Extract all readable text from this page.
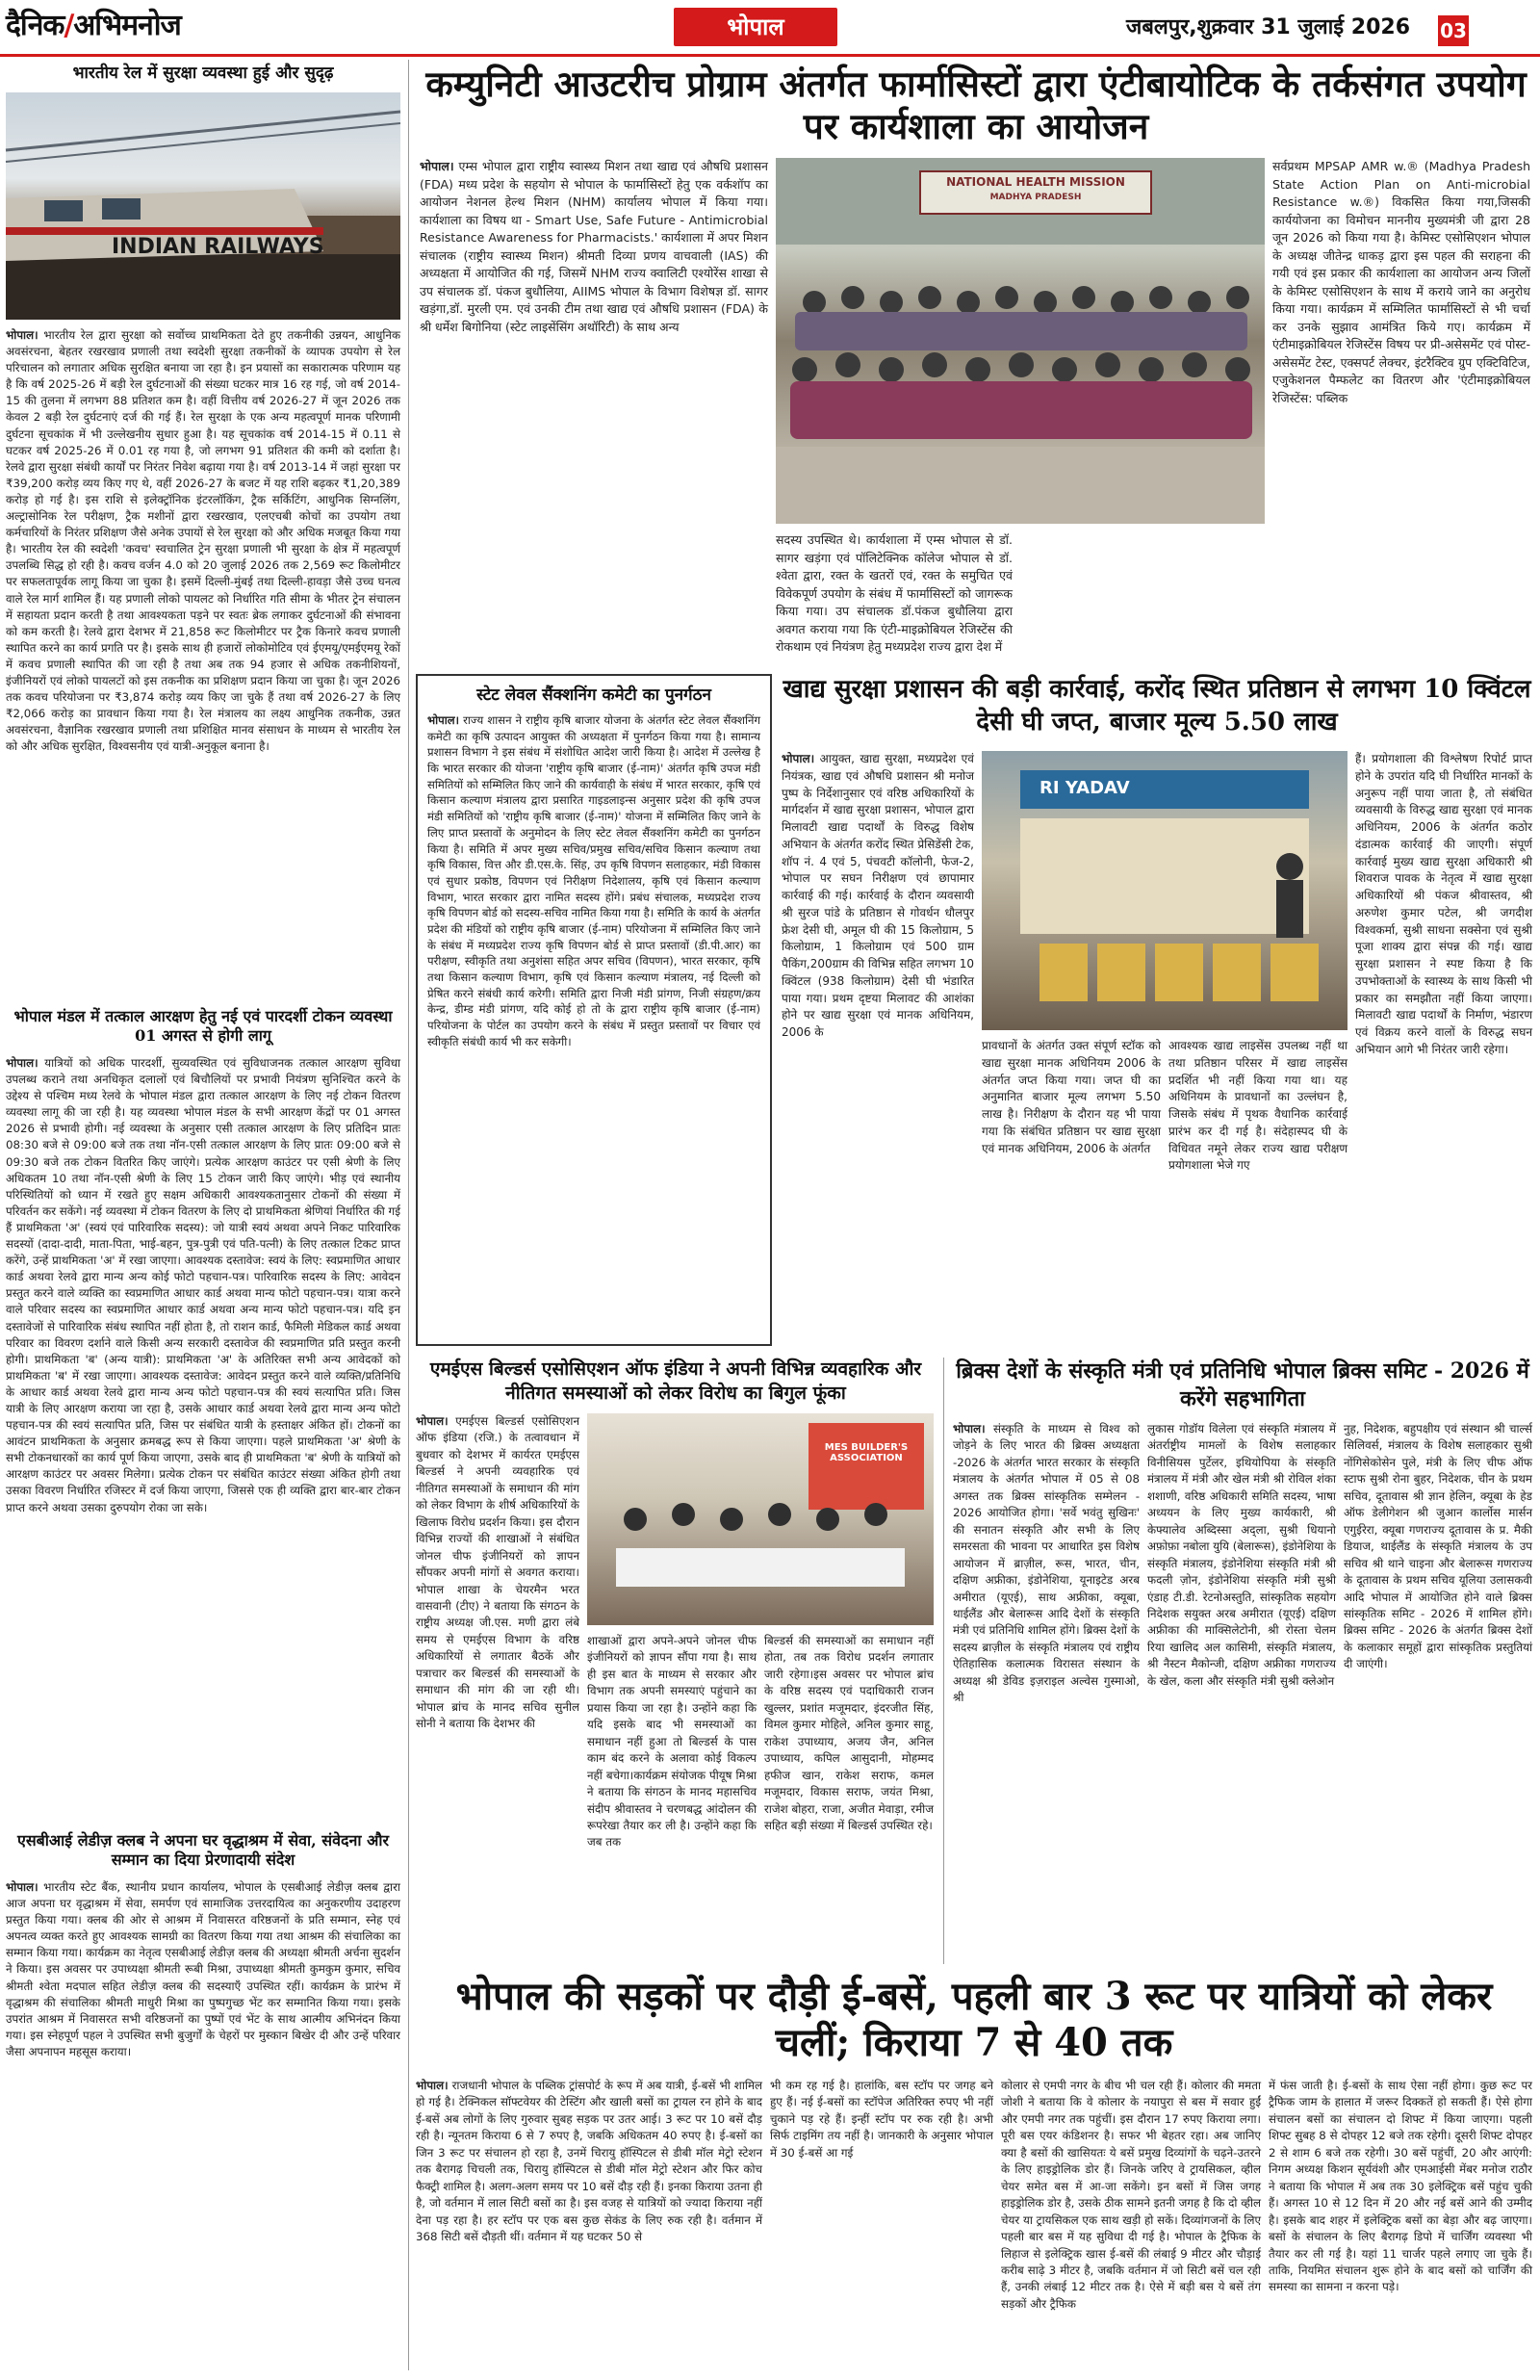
दैनिक/अभिमनोज	भोपाल	जबलपुर,शुक्रवार 31 जुलाई 2026 03
भारतीय रेल में सुरक्षा व्यवस्था हुई और सुदृढ़
INDIAN RAILWAYS
भोपाल। भारतीय रेल द्वारा सुरक्षा को सर्वोच्च प्राथमिकता देते हुए तकनीकी उन्नयन, आधुनिक अवसंरचना, बेहतर रखरखाव प्रणाली तथा स्वदेशी सुरक्षा तकनीकों के व्यापक उपयोग से रेल परिचालन को लगातार अधिक सुरक्षित बनाया जा रहा है। इन प्रयासों का सकारात्मक परिणाम यह है कि वर्ष 2025-26 में बड़ी रेल दुर्घटनाओं की संख्या घटकर मात्र 16 रह गई, जो वर्ष 2014-15 की तुलना में लगभग 88 प्रतिशत कम है। वहीं वित्तीय वर्ष 2026-27 में जून 2026 तक केवल 2 बड़ी रेल दुर्घटनाएं दर्ज की गई हैं। रेल सुरक्षा के एक अन्य महत्वपूर्ण मानक परिणामी दुर्घटना सूचकांक में भी उल्लेखनीय सुधार हुआ है। यह सूचकांक वर्ष 2014-15 में 0.11 से घटकर वर्ष 2025-26 में 0.01 रह गया है, जो लगभग 91 प्रतिशत की कमी को दर्शाता है। रेलवे द्वारा सुरक्षा संबंधी कार्यों पर निरंतर निवेश बढ़ाया गया है। वर्ष 2013-14 में जहां सुरक्षा पर ₹39,200 करोड़ व्यय किए गए थे, वहीं 2026-27 के बजट में यह राशि बढ़कर ₹1,20,389 करोड़ हो गई है। इस राशि से इलेक्ट्रॉनिक इंटरलॉकिंग, ट्रैक सर्किटिंग, आधुनिक सिग्नलिंग, अल्ट्रासोनिक रेल परीक्षण, ट्रैक मशीनों द्वारा रखरखाव, एलएचबी कोचों का उपयोग तथा कर्मचारियों के निरंतर प्रशिक्षण जैसे अनेक उपायों से रेल सुरक्षा को और अधिक मजबूत किया गया है। भारतीय रेल की स्वदेशी 'कवच' स्वचालित ट्रेन सुरक्षा प्रणाली भी सुरक्षा के क्षेत्र में महत्वपूर्ण उपलब्धि सिद्ध हो रही है। कवच वर्जन 4.0 को 20 जुलाई 2026 तक 2,569 रूट किलोमीटर पर सफलतापूर्वक लागू किया जा चुका है। इसमें दिल्ली-मुंबई तथा दिल्ली-हावड़ा जैसे उच्च घनत्व वाले रेल मार्ग शामिल हैं। यह प्रणाली लोको पायलट को निर्धारित गति सीमा के भीतर ट्रेन संचालन में सहायता प्रदान करती है तथा आवश्यकता पड़ने पर स्वतः ब्रेक लगाकर दुर्घटनाओं की संभावना को कम करती है। रेलवे द्वारा देशभर में 21,858 रूट किलोमीटर पर ट्रैक किनारे कवच प्रणाली स्थापित करने का कार्य प्रगति पर है। इसके साथ ही हजारों लोकोमोटिव एवं ईएमयू/एमईएमयू रेकों में कवच प्रणाली स्थापित की जा रही है तथा अब तक 94 हजार से अधिक तकनीशियनों, इंजीनियरों एवं लोको पायलटों को इस तकनीक का प्रशिक्षण प्रदान किया जा चुका है। जून 2026 तक कवच परियोजना पर ₹3,874 करोड़ व्यय किए जा चुके हैं तथा वर्ष 2026-27 के लिए ₹2,066 करोड़ का प्रावधान किया गया है। रेल मंत्रालय का लक्ष्य आधुनिक तकनीक, उन्नत अवसंरचना, वैज्ञानिक रखरखाव प्रणाली तथा प्रशिक्षित मानव संसाधन के माध्यम से भारतीय रेल को और अधिक सुरक्षित, विश्वसनीय एवं यात्री-अनुकूल बनाना है।
भोपाल मंडल में तत्काल आरक्षण हेतु नई एवं पारदर्शी टोकन व्यवस्था 01 अगस्त से होगी लागू
भोपाल। यात्रियों को अधिक पारदर्शी, सुव्यवस्थित एवं सुविधाजनक तत्काल आरक्षण सुविधा उपलब्ध कराने तथा अनधिकृत दलालों एवं बिचौलियों पर प्रभावी नियंत्रण सुनिश्चित करने के उद्देश्य से पश्चिम मध्य रेलवे के भोपाल मंडल द्वारा तत्काल आरक्षण के लिए नई टोकन वितरण व्यवस्था लागू की जा रही है। यह व्यवस्था भोपाल मंडल के सभी आरक्षण केंद्रों पर 01 अगस्त 2026 से प्रभावी होगी। नई व्यवस्था के अनुसार एसी तत्काल आरक्षण के लिए प्रतिदिन प्रातः 08:30 बजे से 09:00 बजे तक तथा नॉन-एसी तत्काल आरक्षण के लिए प्रातः 09:00 बजे से 09:30 बजे तक टोकन वितरित किए जाएंगे। प्रत्येक आरक्षण काउंटर पर एसी श्रेणी के लिए अधिकतम 10 तथा नॉन-एसी श्रेणी के लिए 15 टोकन जारी किए जाएंगे। भीड़ एवं स्थानीय परिस्थितियों को ध्यान में रखते हुए सक्षम अधिकारी आवश्यकतानुसार टोकनों की संख्या में परिवर्तन कर सकेंगे। नई व्यवस्था में टोकन वितरण के लिए दो प्राथमिकता श्रेणियां निर्धारित की गई हैं प्राथमिकता 'अ' (स्वयं एवं पारिवारिक सदस्य): जो यात्री स्वयं अथवा अपने निकट पारिवारिक सदस्यों (दादा-दादी, माता-पिता, भाई-बहन, पुत्र-पुत्री एवं पति-पत्नी) के लिए तत्काल टिकट प्राप्त करेंगे, उन्हें प्राथमिकता 'अ' में रखा जाएगा। आवश्यक दस्तावेज: स्वयं के लिए: स्वप्रमाणित आधार कार्ड अथवा रेलवे द्वारा मान्य अन्य कोई फोटो पहचान-पत्र। पारिवारिक सदस्य के लिए: आवेदन प्रस्तुत करने वाले व्यक्ति का स्वप्रमाणित आधार कार्ड अथवा मान्य फोटो पहचान-पत्र। यात्रा करने वाले परिवार सदस्य का स्वप्रमाणित आधार कार्ड अथवा अन्य मान्य फोटो पहचान-पत्र। यदि इन दस्तावेजों से पारिवारिक संबंध स्थापित नहीं होता है, तो राशन कार्ड, फैमिली मेडिकल कार्ड अथवा परिवार का विवरण दर्शाने वाले किसी अन्य सरकारी दस्तावेज की स्वप्रमाणित प्रति प्रस्तुत करनी होगी। प्राथमिकता 'ब' (अन्य यात्री): प्राथमिकता 'अ' के अतिरिक्त सभी अन्य आवेदकों को प्राथमिकता 'ब' में रखा जाएगा। आवश्यक दस्तावेज: आवेदन प्रस्तुत करने वाले व्यक्ति/प्रतिनिधि के आधार कार्ड अथवा रेलवे द्वारा मान्य अन्य फोटो पहचान-पत्र की स्वयं सत्यापित प्रति। जिस यात्री के लिए आरक्षण कराया जा रहा है, उसके आधार कार्ड अथवा रेलवे द्वारा मान्य अन्य फोटो पहचान-पत्र की स्वयं सत्यापित प्रति, जिस पर संबंधित यात्री के हस्ताक्षर अंकित हों। टोकनों का आवंटन प्राथमिकता के अनुसार क्रमबद्ध रूप से किया जाएगा। पहले प्राथमिकता 'अ' श्रेणी के सभी टोकनधारकों का कार्य पूर्ण किया जाएगा, उसके बाद ही प्राथमिकता 'ब' श्रेणी के यात्रियों को आरक्षण काउंटर पर अवसर मिलेगा। प्रत्येक टोकन पर संबंधित काउंटर संख्या अंकित होगी तथा उसका विवरण निर्धारित रजिस्टर में दर्ज किया जाएगा, जिससे एक ही व्यक्ति द्वारा बार-बार टोकन प्राप्त करने अथवा उसका दुरुपयोग रोका जा सके।
एसबीआई लेडीज़ क्लब ने अपना घर वृद्धाश्रम में सेवा, संवेदना और सम्मान का दिया प्रेरणादायी संदेश
भोपाल। भारतीय स्टेट बैंक, स्थानीय प्रधान कार्यालय, भोपाल के एसबीआई लेडीज़ क्लब द्वारा आज अपना घर वृद्धाश्रम में सेवा, समर्पण एवं सामाजिक उत्तरदायित्व का अनुकरणीय उदाहरण प्रस्तुत किया गया। क्लब की ओर से आश्रम में निवासरत वरिष्ठजनों के प्रति सम्मान, स्नेह एवं अपनत्व व्यक्त करते हुए आवश्यक सामग्री का वितरण किया गया तथा आश्रम की संचालिका का सम्मान किया गया। कार्यक्रम का नेतृत्व एसबीआई लेडीज़ क्लब की अध्यक्षा श्रीमती अर्चना सुदर्शन ने किया। इस अवसर पर उपाध्यक्षा श्रीमती रूबी मिश्रा, उपाध्यक्षा श्रीमती कुमकुम कुमार, सचिव श्रीमती श्वेता मदपाल सहित लेडीज़ क्लब की सदस्याएँ उपस्थित रहीं। कार्यक्रम के प्रारंभ में वृद्धाश्रम की संचालिका श्रीमती माधुरी मिश्रा का पुष्पगुच्छ भेंट कर सम्मानित किया गया। इसके उपरांत आश्रम में निवासरत सभी वरिष्ठजनों का पुष्पों एवं भेंट के साथ आत्मीय अभिनंदन किया गया। इस स्नेहपूर्ण पहल ने उपस्थित सभी बुजुर्गों के चेहरों पर मुस्कान बिखेर दी और उन्हें परिवार जैसा अपनापन महसूस कराया।
कम्युनिटी आउटरीच प्रोग्राम अंतर्गत फार्मासिस्टों द्वारा एंटीबायोटिक के तर्कसंगत उपयोग पर कार्यशाला का आयोजन
भोपाल। एम्स भोपाल द्वारा राष्ट्रीय स्वास्थ्य मिशन तथा खाद्य एवं औषधि प्रशासन (FDA) मध्य प्रदेश के सहयोग से भोपाल के फार्मासिस्टों हेतु एक वर्कशॉप का आयोजन नेशनल हेल्थ मिशन (NHM) कार्यालय भोपाल में किया गया। कार्यशाला का विषय था - Smart Use, Safe Future - Antimicrobial Resistance Awareness for Pharmacists.' कार्यशाला में अपर मिशन संचालक (राष्ट्रीय स्वास्थ्य मिशन) श्रीमती दिव्या प्रणय वाचवाली (IAS) की अध्यक्षता में आयोजित की गई, जिसमें NHM राज्य क्वालिटी एश्योरेंस शाखा से उप संचालक डॉ. पंकज बुधौलिया, AIIMS भोपाल के विभाग विशेषज्ञ डॉ. सागर खड़ंगा,डॉ. मुरली एम. एवं उनकी टीम तथा खाद्य एवं औषधि प्रशासन (FDA) के श्री धर्मेश बिगोनिया (स्टेट लाइसेंसिंग अथॉरिटी) के साथ अन्य
NATIONAL HEALTH MISSION
MADHYA PRADESH
सदस्य उपस्थित थे। कार्यशाला में एम्स भोपाल से डॉ. सागर खड़ंगा एवं पॉलिटेक्निक कॉलेज भोपाल से डॉ. श्वेता द्वारा, रक्त के खतरों एवं, रक्त के समुचित एवं विवेकपूर्ण उपयोग के संबंध में फार्मासिस्टों को जागरूक किया गया। उप संचालक डॉ.पंकज बुधौलिया द्वारा अवगत कराया गया कि एंटी-माइक्रोबियल रेजिस्टेंस की रोकथाम एवं नियंत्रण हेतु मध्यप्रदेश राज्य द्वारा देश में
सर्वप्रथम MPSAP AMR w.® (Madhya Pradesh State Action Plan on Anti-microbial Resistance w.®) विकसित किया गया,जिसकी कार्ययोजना का विमोचन माननीय मुख्यमंत्री जी द्वारा 28 जून 2026 को किया गया है। केमिस्ट एसोसिएशन भोपाल के अध्यक्ष जीतेन्द्र धाकड़ द्वारा इस पहल की सराहना की गयी एवं इस प्रकार की कार्यशाला का आयोजन अन्य जिलों के केमिस्ट एसोसिएशन के साथ में कराये जाने का अनुरोध किया गया। कार्यक्रम में सम्मिलित फार्मासिस्टों से भी चर्चा कर उनके सुझाव आमंत्रित किये गए। कार्यक्रम में एंटीमाइक्रोबियल रेजिस्टेंस विषय पर प्री-असेसमेंट एवं पोस्ट-असेसमेंट टेस्ट, एक्सपर्ट लेक्चर, इंटरैक्टिव ग्रुप एक्टिविटिज, एजुकेशनल पैम्फलेट का वितरण और 'एंटीमाइक्रोबियल रेजिस्टेंस: पब्लिक
स्टेट लेवल सैंक्शनिंग कमेटी का पुनर्गठन
भोपाल। राज्य शासन ने राष्ट्रीय कृषि बाजार योजना के अंतर्गत स्टेट लेवल सैंक्शनिंग कमेटी का कृषि उत्पादन आयुक्त की अध्यक्षता में पुनर्गठन किया गया है। सामान्य प्रशासन विभाग ने इस संबंध में संशोधित आदेश जारी किया है। आदेश में उल्लेख है कि भारत सरकार की योजना 'राष्ट्रीय कृषि बाजार (ई-नाम)' अंतर्गत कृषि उपज मंडी समितियों को सम्मिलित किए जाने की कार्यवाही के संबंध में भारत सरकार, कृषि एवं किसान कल्याण मंत्रालय द्वारा प्रसारित गाइडलाइन्स अनुसार प्रदेश की कृषि उपज मंडी समितियों को 'राष्ट्रीय कृषि बाजार (ई-नाम)' योजना में सम्मिलित किए जाने के लिए प्राप्त प्रस्तावों के अनुमोदन के लिए स्टेट लेवल सैंक्शनिंग कमेटी का पुनर्गठन किया है। समिति में अपर मुख्य सचिव/प्रमुख सचिव/सचिव किसान कल्याण तथा कृषि विकास, वित्त और डी.एस.के. सिंह, उप कृषि विपणन सलाहकार, मंडी विकास एवं सुधार प्रकोष्ठ, विपणन एवं निरीक्षण निदेशालय, कृषि एवं किसान कल्याण विभाग, भारत सरकार द्वारा नामित सदस्य होंगे। प्रबंध संचालक, मध्यप्रदेश राज्य कृषि विपणन बोर्ड को सदस्य-सचिव नामित किया गया है। समिति के कार्य के अंतर्गत प्रदेश की मंडियों को राष्ट्रीय कृषि बाजार (ई-नाम) परियोजना में सम्मिलित किए जाने के संबंध में मध्यप्रदेश राज्य कृषि विपणन बोर्ड से प्राप्त प्रस्तावों (डी.पी.आर) का परीक्षण, स्वीकृति तथा अनुशंसा सहित अपर सचिव (विपणन), भारत सरकार, कृषि तथा किसान कल्याण विभाग, कृषि एवं किसान कल्याण मंत्रालय, नई दिल्ली को प्रेषित करने संबंधी कार्य करेगी। समिति द्वारा निजी मंडी प्रांगण, निजी संग्रहण/क्रय केन्द्र, डीम्ड मंडी प्रांगण, यदि कोई हो तो के द्वारा राष्ट्रीय कृषि बाजार (ई-नाम) परियोजना के पोर्टल का उपयोग करने के संबंध में प्रस्तुत प्रस्तावों पर विचार एवं स्वीकृति संबंधी कार्य भी कर सकेगी।
खाद्य सुरक्षा प्रशासन की बड़ी कार्रवाई, करोंद स्थित प्रतिष्ठान से लगभग 10 क्विंटल देसी घी जप्त, बाजार मूल्य 5.50 लाख
भोपाल। आयुक्त, खाद्य सुरक्षा, मध्यप्रदेश एवं नियंत्रक, खाद्य एवं औषधि प्रशासन श्री मनोज पुष्प के निर्देशानुसार एवं वरिष्ठ अधिकारियों के मार्गदर्शन में खाद्य सुरक्षा प्रशासन, भोपाल द्वारा मिलावटी खाद्य पदार्थों के विरुद्ध विशेष अभियान के अंतर्गत करोंद स्थित प्रेसिडेंसी टेक, शॉप नं. 4 एवं 5, पंचवटी कॉलोनी, फेज-2, भोपाल पर सघन निरीक्षण एवं छापामार कार्रवाई की गई। कार्रवाई के दौरान व्यवसायी श्री सुरज पांडे के प्रतिष्ठान से गोवर्धन धौलपुर फ्रेश देसी घी, अमूल घी की 15 किलोग्राम, 5 किलोग्राम, 1 किलोग्राम एवं 500 ग्राम पैकिंग,200ग्राम की विभिन्न सहित लगभग 10 क्विंटल (938 किलोग्राम) देसी घी भंडारित पाया गया। प्रथम दृष्टया मिलावट की आशंका होने पर खाद्य सुरक्षा एवं मानक अधिनियम, 2006 के
RI YADAV
प्रावधानों के अंतर्गत उक्त संपूर्ण स्टॉक को खाद्य सुरक्षा मानक अधिनियम 2006 के अंतर्गत जप्त किया गया। जप्त घी का अनुमानित बाजार मूल्य लगभग 5.50 लाख है। निरीक्षण के दौरान यह भी पाया गया कि संबंधित प्रतिष्ठान पर खाद्य सुरक्षा एवं मानक अधिनियम, 2006 के अंतर्गत
आवश्यक खाद्य लाइसेंस उपलब्ध नहीं था तथा प्रतिष्ठान परिसर में खाद्य लाइसेंस प्रदर्शित भी नहीं किया गया था। यह अधिनियम के प्रावधानों का उल्लंघन है, जिसके संबंध में पृथक वैधानिक कार्रवाई प्रारंभ कर दी गई है। संदेहास्पद घी के विधिवत नमूने लेकर राज्य खाद्य परीक्षण प्रयोगशाला भेजे गए
हैं। प्रयोगशाला की विश्लेषण रिपोर्ट प्राप्त होने के उपरांत यदि घी निर्धारित मानकों के अनुरूप नहीं पाया जाता है, तो संबंधित व्यवसायी के विरुद्ध खाद्य सुरक्षा एवं मानक अधिनियम, 2006 के अंतर्गत कठोर दंडात्मक कार्रवाई की जाएगी। संपूर्ण कार्रवाई मुख्य खाद्य सुरक्षा अधिकारी श्री शिवराज पावक के नेतृत्व में खाद्य सुरक्षा अधिकारियों श्री पंकज श्रीवास्तव, श्री अरुणेश कुमार पटेल, श्री जगदीश विश्वकर्मा, सुश्री साधना सक्सेना एवं सुश्री पूजा शाक्य द्वारा संपन्न की गई। खाद्य सुरक्षा प्रशासन ने स्पष्ट किया है कि उपभोक्ताओं के स्वास्थ्य के साथ किसी भी प्रकार का समझौता नहीं किया जाएगा। मिलावटी खाद्य पदार्थों के निर्माण, भंडारण एवं विक्रय करने वालों के विरुद्ध सघन अभियान आगे भी निरंतर जारी रहेगा।
एमईएस बिल्डर्स एसोसिएशन ऑफ इंडिया ने अपनी विभिन्न व्यवहारिक और नीतिगत समस्याओं को लेकर विरोध का बिगुल फूंका
भोपाल। एमईएस बिल्डर्स एसोसिएशन ऑफ इंडिया (रजि.) के तत्वावधान में बुधवार को देशभर में कार्यरत एमईएस बिल्डर्स ने अपनी व्यवहारिक एवं नीतिगत समस्याओं के समाधान की मांग को लेकर विभाग के शीर्ष अधिकारियों के खिलाफ विरोध प्रदर्शन किया। इस दौरान विभिन्न राज्यों की शाखाओं ने संबंधित जोनल चीफ इंजीनियरों को ज्ञापन सौंपकर अपनी मांगों से अवगत कराया। भोपाल शाखा के चेयरमैन भरत वासवानी (टीए) ने बताया कि संगठन के राष्ट्रीय अध्यक्ष जी.एस. मणी द्वारा लंबे समय से एमईएस विभाग के वरिष्ठ अधिकारियों से लगातार बैठकें और पत्राचार कर बिल्डर्स की समस्याओं के समाधान की मांग की जा रही थी। भोपाल ब्रांच के मानद सचिव सुनील सोनी ने बताया कि देशभर की
MES BUILDER'S ASSOCIATION
शाखाओं द्वारा अपने-अपने जोनल चीफ इंजीनियरों को ज्ञापन सौंपा गया है। साथ ही इस बात के माध्यम से सरकार और विभाग तक अपनी समस्याएं पहुंचाने का प्रयास किया जा रहा है। उन्होंने कहा कि यदि इसके बाद भी समस्याओं का समाधान नहीं हुआ तो बिल्डर्स के पास काम बंद करने के अलावा कोई विकल्प नहीं बचेगा।कार्यक्रम संयोजक पीयूष मिश्रा ने बताया कि संगठन के मानद महासचिव संदीप श्रीवास्तव ने चरणबद्ध आंदोलन की रूपरेखा तैयार कर ली है। उन्होंने कहा कि जब तक
बिल्डर्स की समस्याओं का समाधान नहीं होता, तब तक विरोध प्रदर्शन लगातार जारी रहेगा।इस अवसर पर भोपाल ब्रांच के वरिष्ठ सदस्य एवं पदाधिकारी राजन खुल्लर, प्रशांत मजूमदार, इंदरजीत सिंह, विमल कुमार मोहिले, अनिल कुमार साहू, राकेश उपाध्याय, अजय जैन, अनिल उपाध्याय, कपिल आसुदानी, मोहम्मद हफीज खान, राकेश सराफ, कमल मजूमदार, विकास सराफ, जयंत मिश्रा, राजेश बोहरा, राजा, अजीत मेवाड़ा, रमीज सहित बड़ी संख्या में बिल्डर्स उपस्थित रहे।
ब्रिक्स देशों के संस्कृति मंत्री एवं प्रतिनिधि भोपाल ब्रिक्स समिट - 2026 में करेंगे सहभागिता
भोपाल। संस्कृति के माध्यम से विश्व को जोड़ने के लिए भारत की ब्रिक्स अध्यक्षता -2026 के अंतर्गत भारत सरकार के संस्कृति मंत्रालय के अंतर्गत भोपाल में 05 से 08 अगस्त तक ब्रिक्स सांस्कृतिक सम्मेलन - 2026 आयोजित होगा। 'सर्वे भवंतु सुखिनः' की सनातन संस्कृति और सभी के लिए समरसता की भावना पर आधारित इस विशेष आयोजन में ब्राज़ील, रूस, भारत, चीन, दक्षिण अफ्रीका, इंडोनेशिया, यूनाइटेड अरब अमीरात (यूएई), साथ अफ्रीका, क्यूबा, थाईलैंड और बेलारूस आदि देशों के संस्कृति मंत्री एवं प्रतिनिधि शामिल होंगे। ब्रिक्स देशों के सदस्य ब्राज़ील के संस्कृति मंत्रालय एवं राष्ट्रीय ऐतिहासिक कलात्मक विरासत संस्थान के अध्यक्ष श्री डेविड इज़राइल अल्वेस गुस्माओ, श्री
लुकास गोडॉय विलेला एवं संस्कृति मंत्रालय में अंतर्राष्ट्रीय मामलों के विशेष सलाहकार विनीसियस पुर्टेलर, इथियोपिया के संस्कृति मंत्रालय में मंत्री और खेल मंत्री श्री रोविल शंका शशाणी, वरिष्ठ अधिकारी समिति सदस्य, भाषा अध्ययन के लिए मुख्य कार्यकारी, श्री केफ्यालेव अब्दिस्सा अद्ला, सुश्री धियानो अफ़ोफ़ा नबोला युयि (बेलारूस), इंडोनेशिया के संस्कृति मंत्रालय, इंडोनेशिया संस्कृति मंत्री श्री फदली ज़ोन, इंडोनेशिया संस्कृति मंत्री सुश्री एंडाह टी.डी. रेटनोअस्तुति, सांस्कृतिक सहयोग निदेशक सयुक्त अरब अमीरात (यूएई) दक्षिण अफ्रीका की माक्सिलेटोनी, श्री रोस्ता चेलम रिया खालिद अल कासिमी, संस्कृति मंत्रालय, श्री नैस्टन मैकोन्जी, दक्षिण अफ्रीका गणराज्य के खेल, कला और संस्कृति मंत्री सुश्री क्लेओन
नुह, निदेशक, बहुपक्षीय एवं संस्थान श्री चार्ल्स सिलिवर्स, मंत्रालय के विशेष सलाहकार सुश्री नोंगिसेकोसेन पुले, मंत्री के लिए चीफ ऑफ स्टाफ सुश्री रोना बुहर, निदेशक, चीन के प्रथम सचिव, दूतावास श्री ज्ञान हेलिन, क्यूबा के हेड ऑफ डेलीगेशन श्री जुआन कार्लोस मार्सन एगुईरेरा, क्यूबा गणराज्य दूतावास के प्र. मैकी डियाज, थाईलैंड के संस्कृति मंत्रालय के उप सचिव श्री थाने चाइना और बेलारूस गणराज्य के दूतावास के प्रथम सचिव यूलिया उलासकवी आदि भोपाल में आयोजित होने वाले ब्रिक्स सांस्कृतिक समिट - 2026 में शामिल होंगे। ब्रिक्स समिट - 2026 के अंतर्गत ब्रिक्स देशों के कलाकार समूहों द्वारा सांस्कृतिक प्रस्तुतियां दी जाएंगी।
भोपाल की सड़कों पर दौड़ी ई-बसें, पहली बार 3 रूट पर यात्रियों को लेकर चलीं; किराया 7 से 40 तक
भोपाल। राजधानी भोपाल के पब्लिक ट्रांसपोर्ट के रूप में अब यात्री, ई-बसें भी शामिल हो गई है। टेक्निकल सॉफ्टवेयर की टेस्टिंग और खाली बसों का ट्रायल रन होने के बाद ई-बसें अब लोगों के लिए गुरुवार सुबह सड़क पर उतर आई। 3 रूट पर 10 बसें दौड़ रही है। न्यूनतम किराया 6 से 7 रुपए है, जबकि अधिकतम 40 रुपए है। ई-बसों का जिन 3 रूट पर संचालन हो रहा है, उनमें चिरायु हॉस्पिटल से डीबी मॉल मेट्रो स्टेशन तक बैरागढ़ चिचली तक, चिरायु हॉस्पिटल से डीबी मॉल मेट्रो स्टेशन और फिर कोच फैक्ट्री शामिल है। अलग-अलग समय पर 10 बसें दौड़ रही हैं। इनका किराया उतना ही है, जो वर्तमान में लाल सिटी बसों का है। इस वजह से यात्रियों को ज्यादा किराया नहीं देना पड़ रहा है। हर स्टॉप पर एक बस कुछ सेकंड के लिए रुक रही है। वर्तमान में 368 सिटी बसें दौड़ती थीं। वर्तमान में यह घटकर 50 से
भी कम रह गई है। हालांकि, बस स्टॉप पर जगह बने हुए हैं। नई ई-बसों का स्टॉपेज अतिरिक्त रुपए भी नहीं चुकाने पड़ रहे हैं। इन्हीं स्टॉप पर रुक रही है। अभी सिर्फ टाइमिंग तय नहीं है। जानकारी के अनुसार भोपाल में 30 ई-बसें आ गई
कोलार से एमपी नगर के बीच भी चल रही हैं। कोलार की ममता जोशी ने बताया कि वे कोलार के नयापुरा से बस में सवार हुईं और एमपी नगर तक पहुंचीं। इस दौरान 17 रुपए किराया लगा। पूरी बस एयर कंडिशनर है। सफर भी बेहतर रहा। अब जानिए क्या है बसों की खासियतः ये बसें प्रमुख दिव्यांगों के चढ़ने-उतरने के लिए हाइड्रोलिक डोर हैं। जिनके जरिए वे ट्रायसिकल, व्हील चेयर समेत बस में आ-जा सकेंगे। इन बसों में जिस जगह हाइड्रोलिक डोर है, उसके ठीक सामने इतनी जगह है कि दो व्हील चेयर या ट्रायसिकल एक साथ खड़ी हो सकें। दिव्यांगजनों के लिए पहली बार बस में यह सुविधा दी गई है। भोपाल के ट्रैफिक के लिहाज से इलेक्ट्रिक खास ई-बसें की लंबाई 9 मीटर और चौड़ाई करीब साढ़े 3 मीटर है, जबकि वर्तमान में जो सिटी बसें चल रही हैं, उनकी लंबाई 12 मीटर तक है। ऐसे में बड़ी बस ये बसें तंग सड़कों और ट्रैफिक
में फंस जाती है। ई-बसों के साथ ऐसा नहीं होगा। कुछ रूट पर ट्रैफिक जाम के हालात में जरूर दिक्कतें हो सकती हैं। ऐसे होगा संचालन बसों का संचालन दो शिफ्ट में किया जाएगा। पहली शिफ्ट सुबह 8 से दोपहर 12 बजे तक रहेगी। दूसरी शिफ्ट दोपहर 2 से शाम 6 बजे तक रहेगी। 30 बसें पहुंचीं, 20 और आएंगी: निगम अध्यक्ष किशन सूर्यवंशी और एमआईसी मेंबर मनोज राठौर ने बताया कि भोपाल में अब तक 30 इलेक्ट्रिक बसें पहुंच चुकी हैं। अगस्त 10 से 12 दिन में 20 और नई बसें आने की उम्मीद है। इसके बाद शहर में इलेक्ट्रिक बसों का बेड़ा और बढ़ जाएगा। बसों के संचालन के लिए बैरागढ़ डिपो में चार्जिंग व्यवस्था भी तैयार कर ली गई है। यहां 11 चार्जर पहले लगाए जा चुके हैं। ताकि, नियमित संचालन शुरू होने के बाद बसों को चार्जिंग की समस्या का सामना न करना पड़े।
